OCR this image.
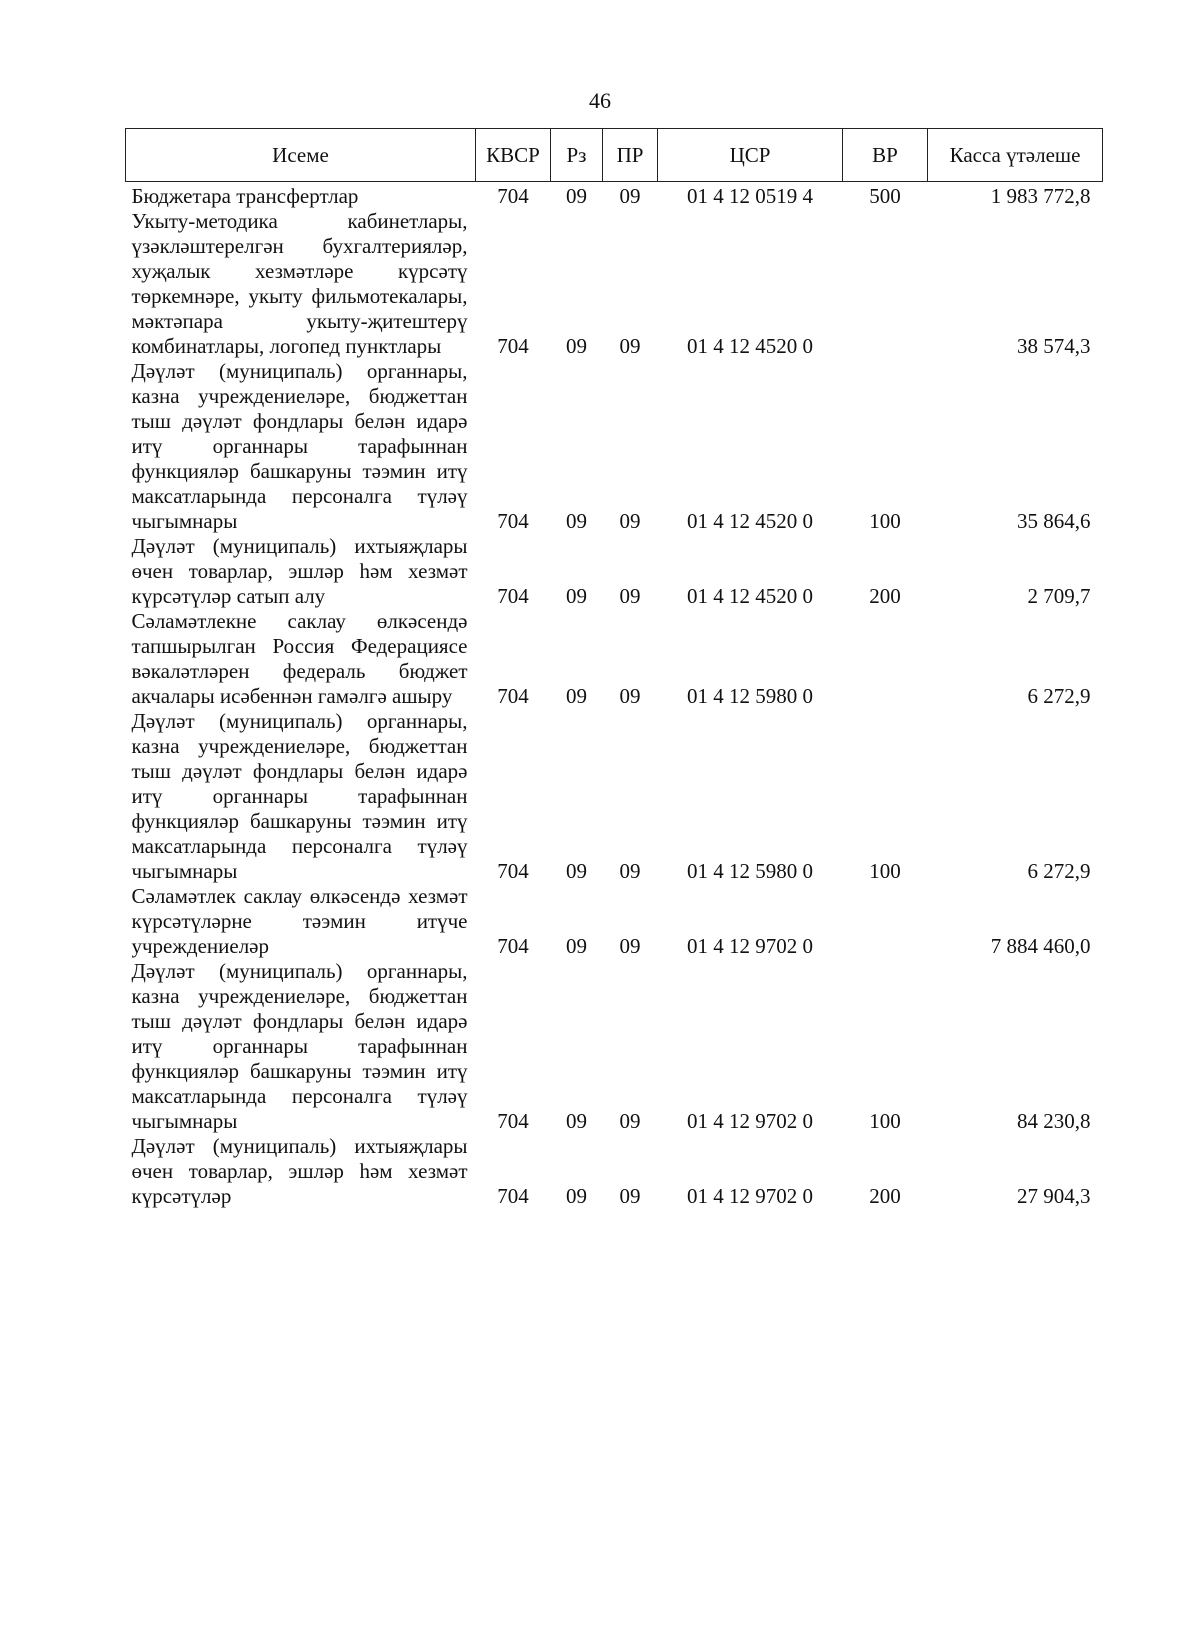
46
Исеме	КВСР	Рз	ПР	ЦСР	ВР	Касса үтәлеше
Бюджетара трансфертлар	704	09	09	01 4 12 0519 4	500	1 983 772,8
Укыту-методика кабинетлары, үзәкләштерелгән бухгалтерияләр, хуҗалык хезмәтләре күрсәтү төркемнәре, укыту фильмотекалары, мәктәпара укыту-җитештерү комбинатлары, логопед пунктлары	704	09	09	01 4 12 4520 0		38 574,3
Дәүләт (муниципаль) органнары, казна учреждениеләре, бюджеттан тыш дәүләт фондлары белән идарә итү органнары тарафыннан функцияләр башкаруны тәэмин итү максатларында персоналга түләү чыгымнары	704	09	09	01 4 12 4520 0	100	35 864,6
Дәүләт (муниципаль) ихтыяҗлары өчен товарлар, эшләр һәм хезмәт күрсәтүләр сатып алу	704	09	09	01 4 12 4520 0	200	2 709,7
Сәламәтлекне саклау өлкәсендә тапшырылган Россия Федерациясе вәкаләтләрен федераль бюджет акчалары исәбеннән гамәлгә ашыру	704	09	09	01 4 12 5980 0		6 272,9
Дәүләт (муниципаль) органнары, казна учреждениеләре, бюджеттан тыш дәүләт фондлары белән идарә итү органнары тарафыннан функцияләр башкаруны тәэмин итү максатларында персоналга түләү чыгымнары	704	09	09	01 4 12 5980 0	100	6 272,9
Сәламәтлек саклау өлкәсендә хезмәт күрсәтүләрне тәэмин итүче учреждениеләр	704	09	09	01 4 12 9702 0		7 884 460,0
Дәүләт (муниципаль) органнары, казна учреждениеләре, бюджеттан тыш дәүләт фондлары белән идарә итү органнары тарафыннан функцияләр башкаруны тәэмин итү максатларында персоналга түләү чыгымнары	704	09	09	01 4 12 9702 0	100	84 230,8
Дәүләт (муниципаль) ихтыяҗлары өчен товарлар, эшләр һәм хезмәт күрсәтүләр	704	09	09	01 4 12 9702 0	200	27 904,3
